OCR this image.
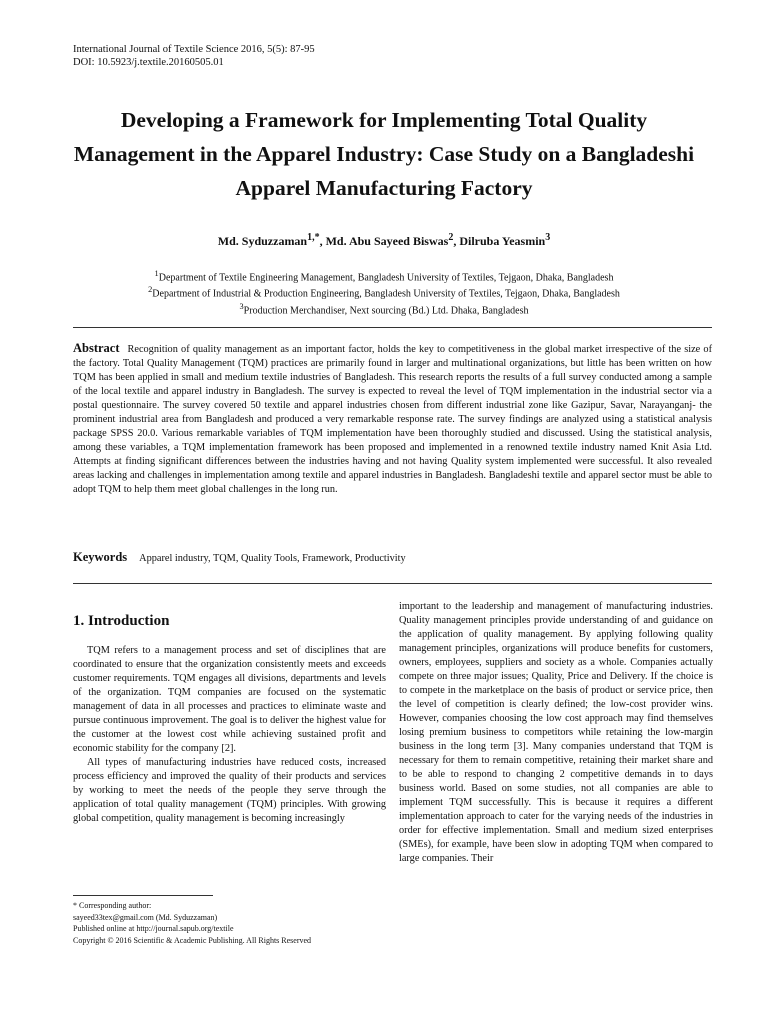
International Journal of Textile Science 2016, 5(5): 87-95
DOI: 10.5923/j.textile.20160505.01
Developing a Framework for Implementing Total Quality Management in the Apparel Industry: Case Study on a Bangladeshi Apparel Manufacturing Factory
Md. Syduzzaman$^{1,*}$, Md. Abu Sayeed Biswas$^2$, Dilruba Yeasmin$^3$
$^1$Department of Textile Engineering Management, Bangladesh University of Textiles, Tejgaon, Dhaka, Bangladesh
$^2$Department of Industrial & Production Engineering, Bangladesh University of Textiles, Tejgaon, Dhaka, Bangladesh
$^3$Production Merchandiser, Next sourcing (Bd.) Ltd. Dhaka, Bangladesh
Abstract Recognition of quality management as an important factor, holds the key to competitiveness in the global market irrespective of the size of the factory. Total Quality Management (TQM) practices are primarily found in larger and multinational organizations, but little has been written on how TQM has been applied in small and medium textile industries of Bangladesh. This research reports the results of a full survey conducted among a sample of the local textile and apparel industry in Bangladesh. The survey is expected to reveal the level of TQM implementation in the industrial sector via a postal questionnaire. The survey covered 50 textile and apparel industries chosen from different industrial zone like Gazipur, Savar, Narayanganj- the prominent industrial area from Bangladesh and produced a very remarkable response rate. The survey findings are analyzed using a statistical analysis package SPSS 20.0. Various remarkable variables of TQM implementation have been thoroughly studied and discussed. Using the statistical analysis, among these variables, a TQM implementation framework has been proposed and implemented in a renowned textile industry named Knit Asia Ltd. Attempts at finding significant differences between the industries having and not having Quality system implemented were successful. It also revealed areas lacking and challenges in implementation among textile and apparel industries in Bangladesh. Bangladeshi textile and apparel sector must be able to adopt TQM to help them meet global challenges in the long run.
Keywords Apparel industry, TQM, Quality Tools, Framework, Productivity
1. Introduction

TQM refers to a management process and set of disciplines that are coordinated to ensure that the organization consistently meets and exceeds customer requirements. TQM engages all divisions, departments and levels of the organization. TQM companies are focused on the systematic management of data in all processes and practices to eliminate waste and pursue continuous improvement. The goal is to deliver the highest value for the customer at the lowest cost while achieving sustained profit and economic stability for the company [2].

All types of manufacturing industries have reduced costs, increased process efficiency and improved the quality of their products and services by working to meet the needs of the people they serve through the application of total quality management (TQM) principles. With growing global competition, quality management is becoming increasingly

important to the leadership and management of manufacturing industries. Quality management principles provide understanding of and guidance on the application of quality management. By applying following quality management principles, organizations will produce benefits for customers, owners, employees, suppliers and society as a whole. Companies actually compete on three major issues; Quality, Price and Delivery. If the choice is to compete in the marketplace on the basis of product or service price, then the level of competition is clearly defined; the low-cost provider wins. However, companies choosing the low cost approach may find themselves losing premium business to competitors while retaining the low-margin business in the long term [3]. Many companies understand that TQM is necessary for them to remain competitive, retaining their market share and to be able to respond to changing 2 competitive demands in to days business world. Based on some studies, not all companies are able to implement TQM successfully. This is because it requires a different implementation approach to cater for the varying needs of the industries in order for effective implementation. Small and medium sized enterprises (SMEs), for example, have been slow in adopting TQM when compared to large companies. Their

* Corresponding author:
sayeed33tex@gmail.com (Md. Syduzzaman)
Published online at http://journal.sapub.org/textile
Copyright © 2016 Scientific & Academic Publishing. All Rights Reserved
